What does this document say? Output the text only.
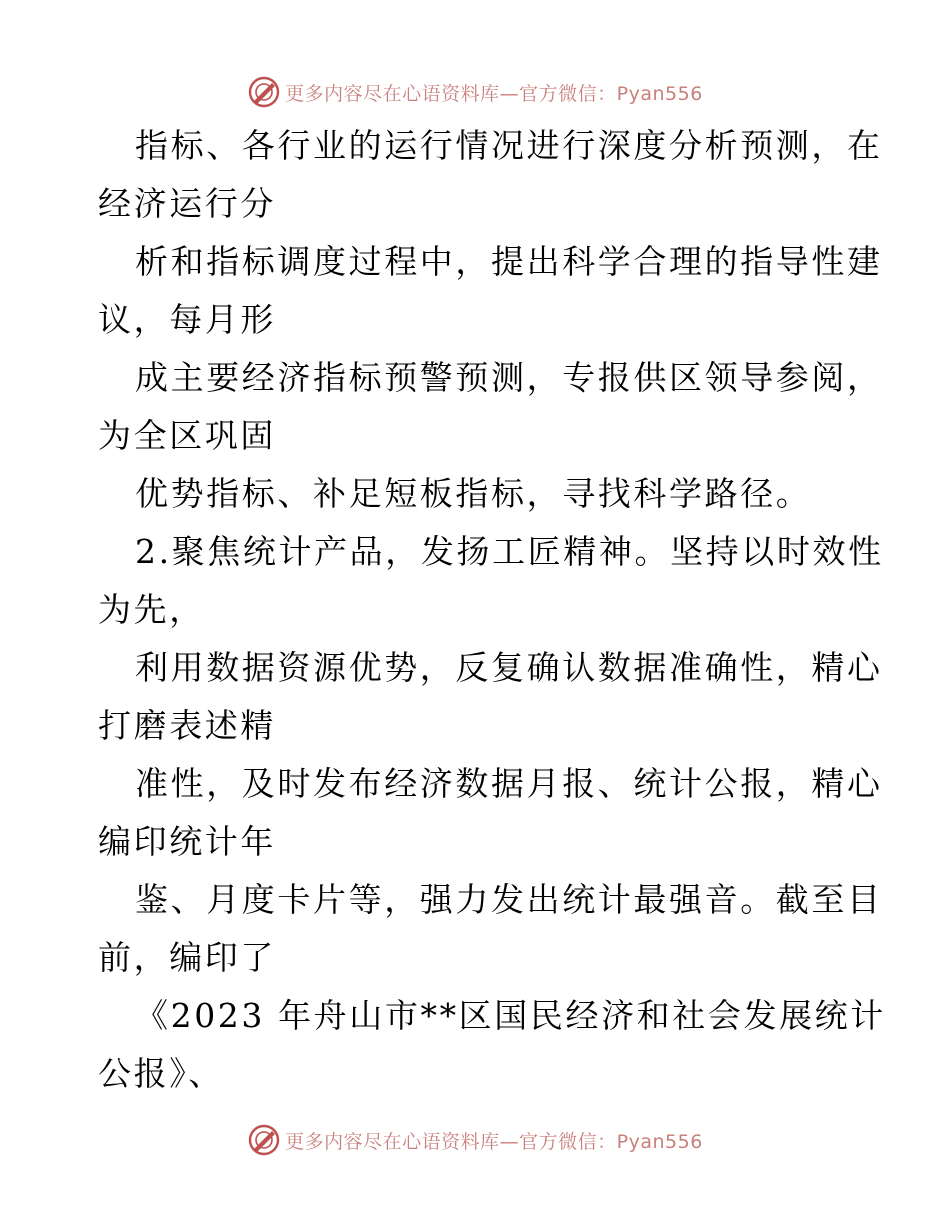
更多内容尽在心语资料库—官方微信：Pyan556
指标、各行业的运行情况进行深度分析预测，在
经济运行分
析和指标调度过程中，提出科学合理的指导性建
议，每月形
成主要经济指标预警预测，专报供区领导参阅，
为全区巩固
优势指标、补足短板指标，寻找科学路径。
2.聚焦统计产品，发扬工匠精神。坚持以时效性
为先，
利用数据资源优势，反复确认数据准确性，精心
打磨表述精
准性，及时发布经济数据月报、统计公报，精心
编印统计年
鉴、月度卡片等，强力发出统计最强音。截至目
前，编印了
《2023 年舟山市**区国民经济和社会发展统计
公报》、
更多内容尽在心语资料库—官方微信：Pyan556
